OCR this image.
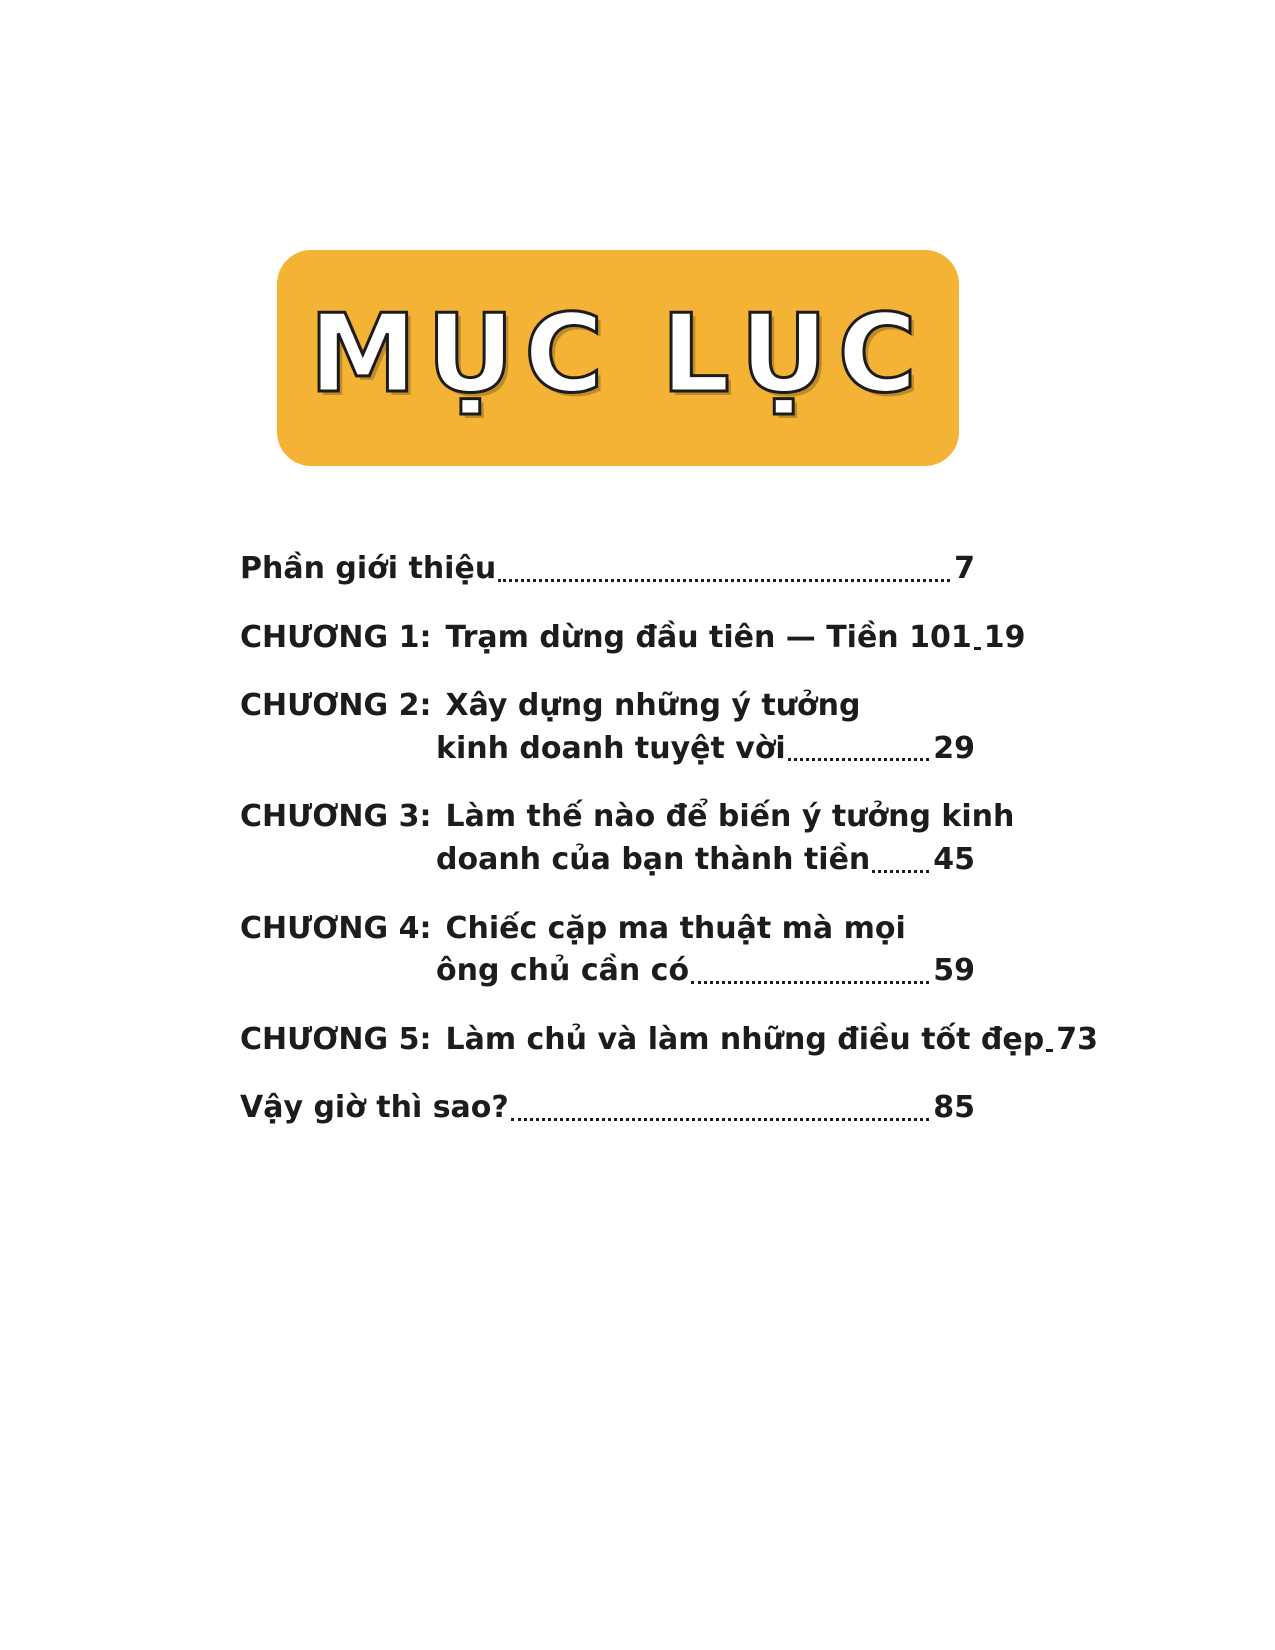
MỤC LỤC
Phần giới thiệu	7
CHƯƠNG 1: Trạm dừng đầu tiên — Tiền 101 19
CHƯƠNG 2: Xây dựng những ý tưởng
kinh doanh tuyệt vời	29
CHƯƠNG 3: Làm thế nào để biến ý tưởng kinh
doanh của bạn thành tiền 45
CHƯƠNG 4: Chiếc cặp ma thuật mà mọi
ông chủ cần có	59
CHƯƠNG 5: Làm chủ và làm những điều tốt đẹp 73
Vậy giờ thì sao?	85
